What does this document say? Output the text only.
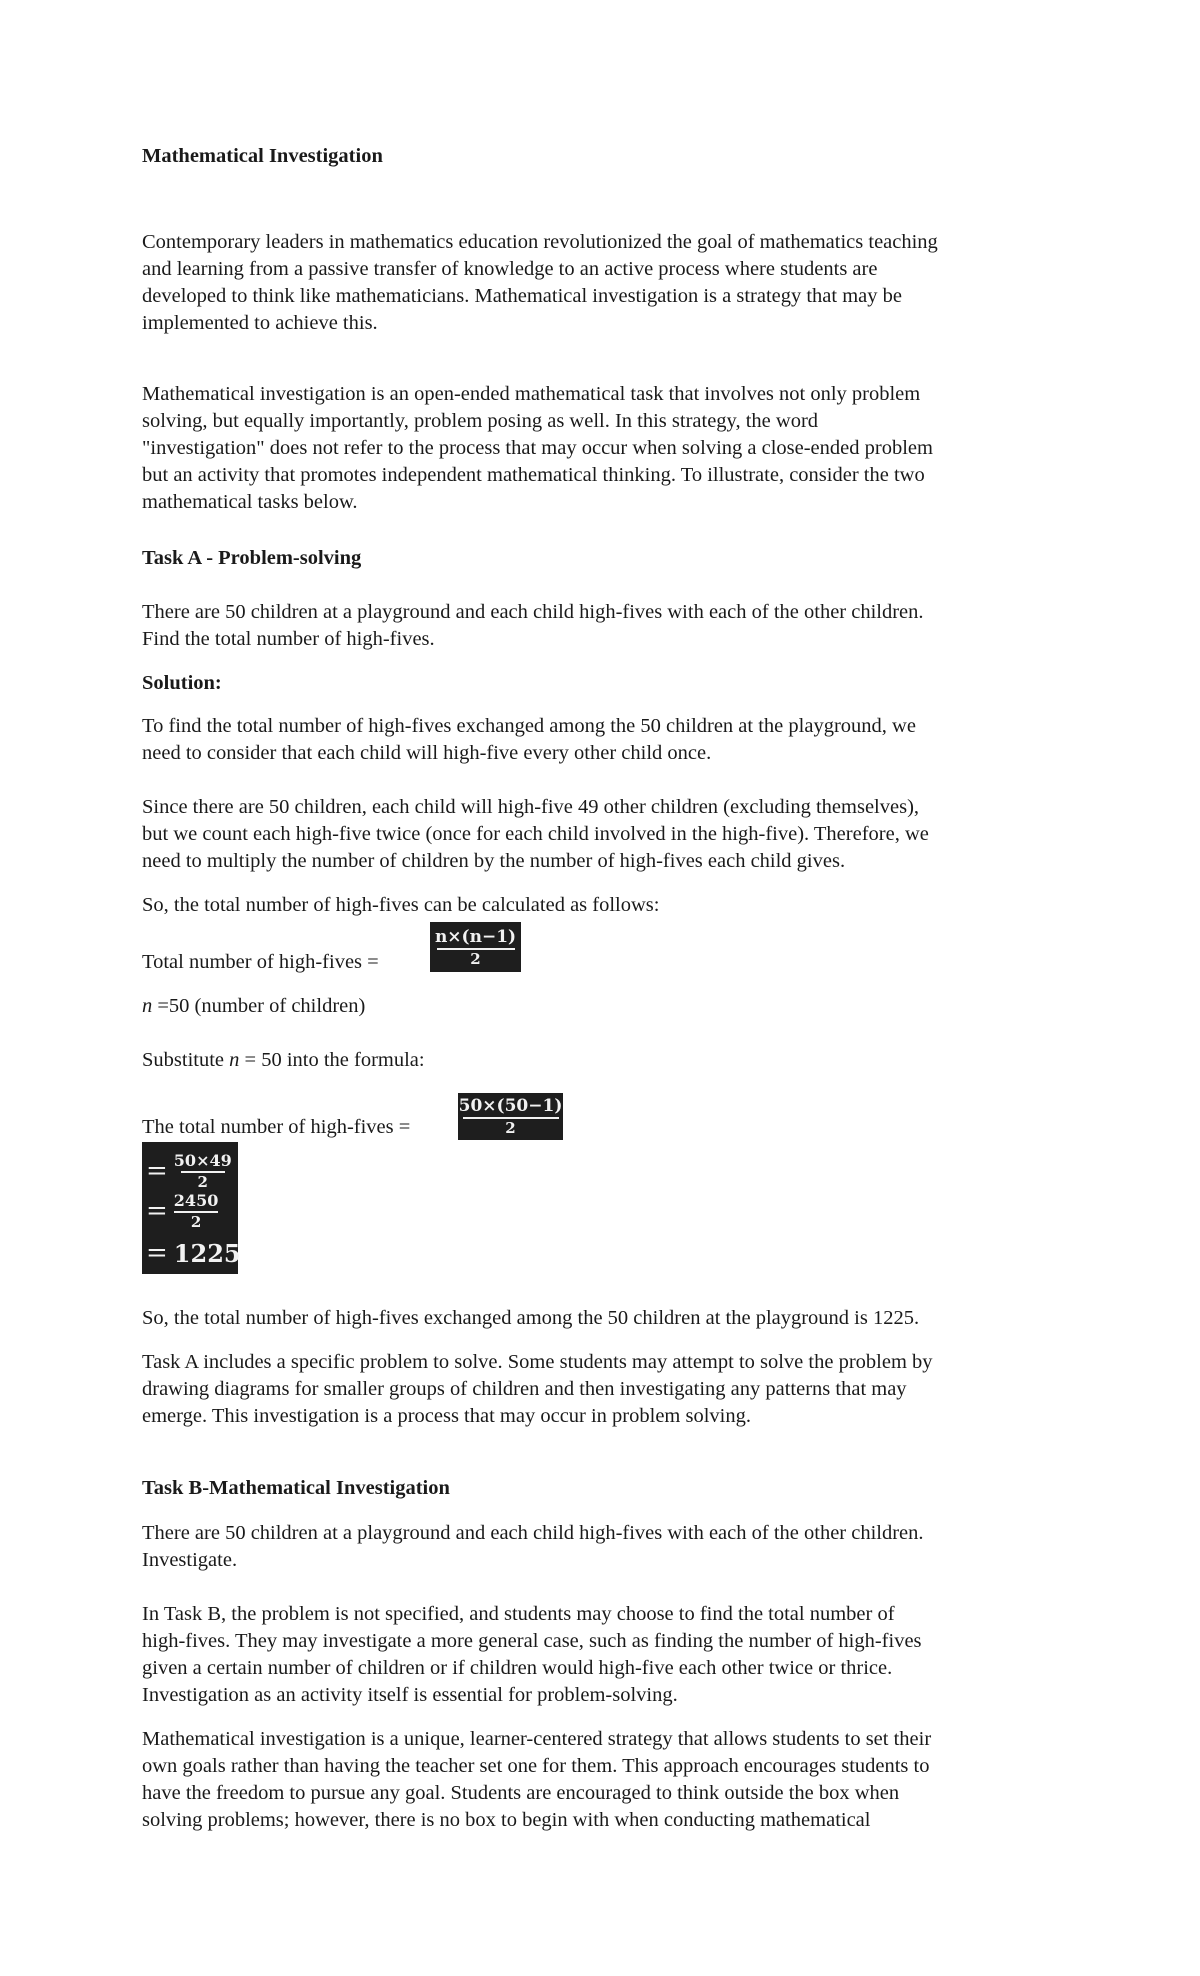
Mathematical Investigation
Contemporary leaders in mathematics education revolutionized the goal of mathematics teaching
and learning from a passive transfer of knowledge to an active process where students are
developed to think like mathematicians. Mathematical investigation is a strategy that may be
implemented to achieve this.
Mathematical investigation is an open-ended mathematical task that involves not only problem
solving, but equally importantly, problem posing as well. In this strategy, the word
"investigation" does not refer to the process that may occur when solving a close-ended problem
but an activity that promotes independent mathematical thinking. To illustrate, consider the two
mathematical tasks below.
Task A - Problem-solving
There are 50 children at a playground and each child high-fives with each of the other children.
Find the total number of high-fives.
Solution:
To find the total number of high-fives exchanged among the 50 children at the playground, we
need to consider that each child will high-five every other child once.
Since there are 50 children, each child will high-five 49 other children (excluding themselves),
but we count each high-five twice (once for each child involved in the high-five). Therefore, we
need to multiply the number of children by the number of high-fives each child gives.
So, the total number of high-fives can be calculated as follows:
Total number of high-fives =
n =50 (number of children)
Substitute n = 50 into the formula:
The total number of high-fives =
So, the total number of high-fives exchanged among the 50 children at the playground is 1225.
Task A includes a specific problem to solve. Some students may attempt to solve the problem by
drawing diagrams for smaller groups of children and then investigating any patterns that may
emerge. This investigation is a process that may occur in problem solving.
Task B-Mathematical Investigation
There are 50 children at a playground and each child high-fives with each of the other children.
Investigate.
In Task B, the problem is not specified, and students may choose to find the total number of
high-fives. They may investigate a more general case, such as finding the number of high-fives
given a certain number of children or if children would high-five each other twice or thrice.
Investigation as an activity itself is essential for problem-solving.
Mathematical investigation is a unique, learner-centered strategy that allows students to set their
own goals rather than having the teacher set one for them. This approach encourages students to
have the freedom to pursue any goal. Students are encouraged to think outside the box when
solving problems; however, there is no box to begin with when conducting mathematical
n×(n−1)
2
50×(50−1)
2
= $\frac{50\times 49}{2}$
= $\frac{2450}{2}$
= 1225
